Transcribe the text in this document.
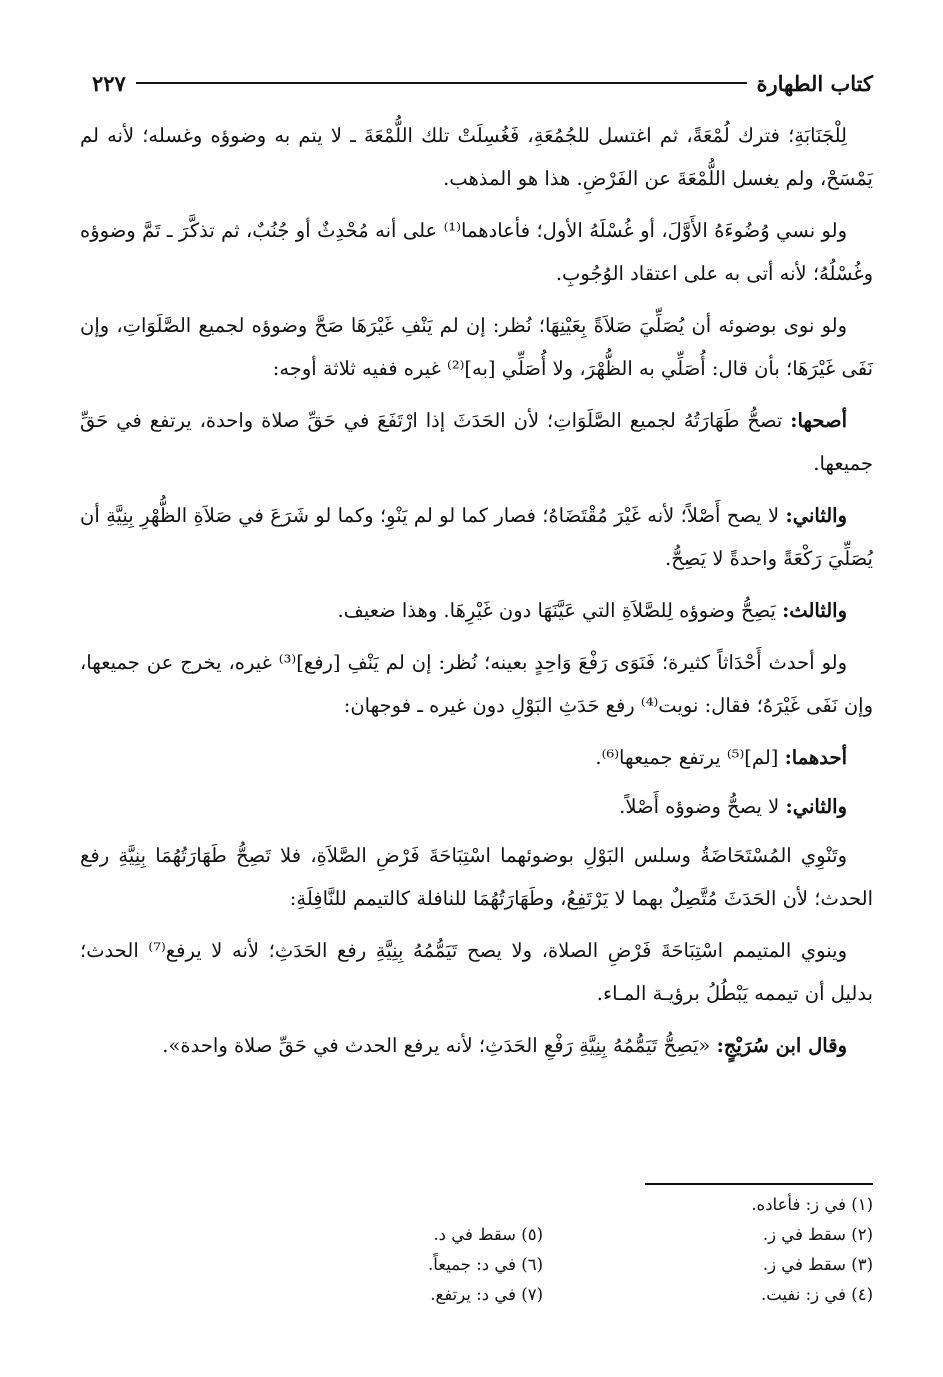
كتاب الطهارة
٢٢٧

لِلْجَنَابَةِ؛ فترك لُمْعَةً، ثم اغتسل للجُمُعَةِ، فَغُسِلَتْ تلك اللُّمْعَةَ ـ لا يتم به وضوؤه وغسله؛ لأنه لم يَمْسَحْ، ولم يغسل اللُّمْعَةَ عن الفَرْضِ. هذا هو المذهب.

ولو نسي وُضُوءَهُ الأَوَّلَ، أو غُسْلَهُ الأول؛ فأعادهما⁽¹⁾ على أنه مُحْدِثٌ أو جُنُبٌ، ثم تذكَّرَ ـ تَمَّ وضوؤه وغُسْلُهُ؛ لأنه أتى به على اعتقاد الوُجُوبِ.

ولو نوى بوضوئه أن يُصَلِّيَ صَلاَةً بِعَيْنِهَا؛ نُظر: إن لم يَنْفِ غَيْرَهَا صَحَّ وضوؤه لجميع الصَّلَوَاتِ، وإن نَفَى غَيْرَهَا؛ بأن قال: أُصَلِّي به الظُّهْرَ، ولا أُصَلِّي [به]⁽²⁾ غيره ففيه ثلاثة أوجه:

أصحها: تصحُّ طَهَارَتُهُ لجميع الصَّلَوَاتِ؛ لأن الحَدَثَ إذا ارْتَفَعَ في حَقِّ صلاة واحدة، يرتفع في حَقِّ جميعها.

والثاني: لا يصح أَصْلاً؛ لأنه غَيْرَ مُقْتَضَاهُ؛ فصار كما لو لم يَنْوِ؛ وكما لو شَرَعَ في صَلاَةِ الظُّهْرِ بِنِيَّةِ أن يُصَلِّيَ رَكْعَةً واحدةً لا يَصِحُّ.

والثالث: يَصِحُّ وضوؤه لِلصَّلاَةِ التي عَيَّنَهَا دون غَيْرِهَا. وهذا ضعيف.

ولو أحدث أَحْدَاثاً كثيرة؛ فَنَوَى رَفْعَ وَاحِدٍ بعينه؛ نُظر: إن لم يَنْفِ [رفع]⁽³⁾ غيره، يخرج عن جميعها، وإن نَفَى غَيْرَهُ؛ فقال: نويت⁽⁴⁾ رفع حَدَثِ البَوْلِ دون غيره ـ فوجهان:

أحدهما: [لم]⁽⁵⁾ يرتفع جميعها⁽⁶⁾.

والثاني: لا يصحُّ وضوؤه أَصْلاً.

وتَنْوِي المُسْتَحَاضَةُ وسلس البَوْلِ بوضوئهما اسْتِبَاحَةَ فَرْضِ الصَّلاَةِ، فلا تَصِحُّ طَهَارَتُهُمَا بِنِيَّةِ رفع الحدث؛ لأن الحَدَثَ مُتَّصِلٌ بهما لا يَرْتَفِعُ، وطَهَارَتُهُمَا للنافلة كالتيمم للنَّافِلَةِ:

وينوي المتيمم اسْتِبَاحَةَ فَرْضِ الصلاة، ولا يصح تَيَمُّمُهُ بِنِيَّةِ رفع الحَدَثِ؛ لأنه لا يرفع⁽⁷⁾ الحدث؛ بدليل أن تيممه يَبْطُلُ برؤيـة المـاء.

وقال ابن سُرَيْجٍ: «يَصِحُّ تَيَمُّمُهُ بِنِيَّةِ رَفْعِ الحَدَثِ؛ لأنه يرفع الحدث في حَقِّ صلاة واحدة».

(١) في ز: فأعاده.
(٢) سقط في ز.
(٥) سقط في د.
(٣) سقط في ز.
(٦) في د: جميعاً.
(٤) في ز: نفيت.
(٧) في د: يرتفع.
